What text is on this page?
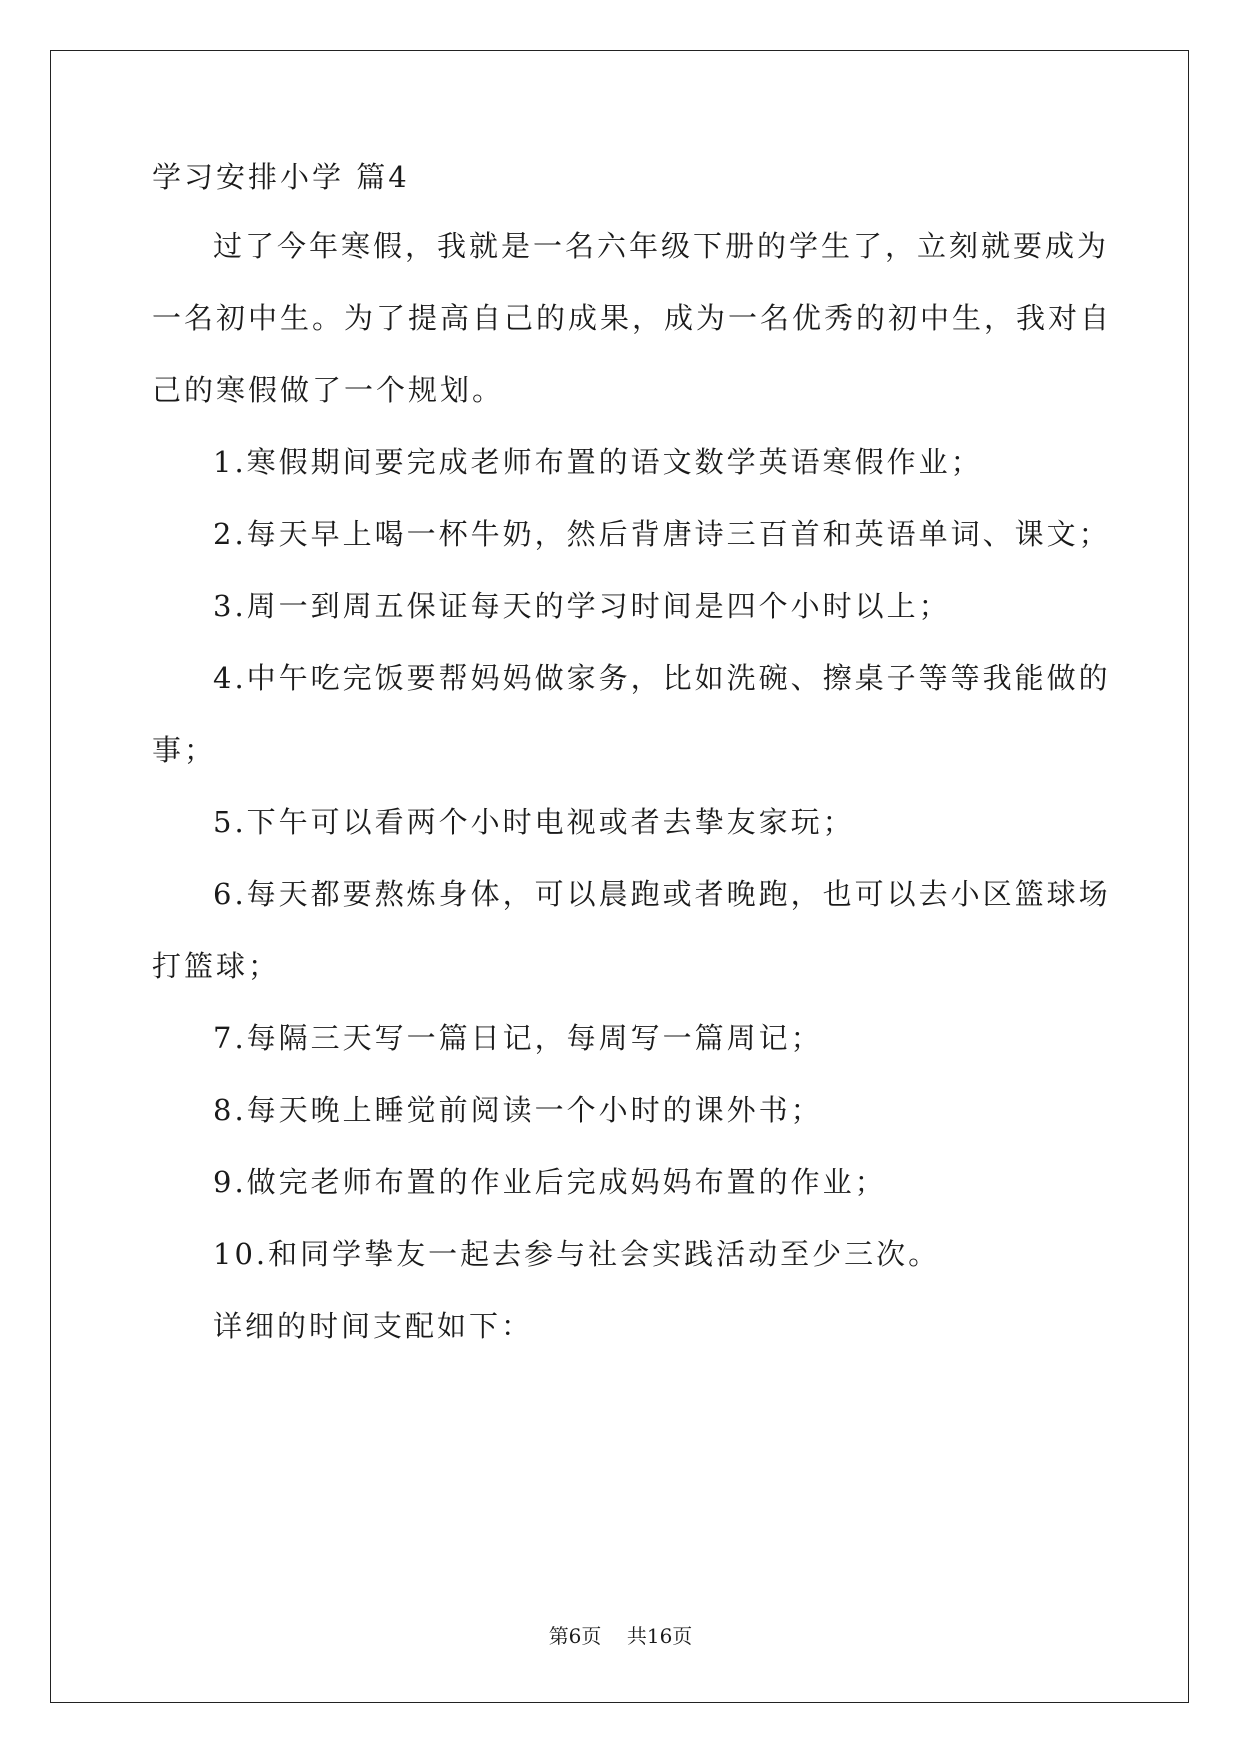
学习安排小学 篇4
过了今年寒假，我就是一名六年级下册的学生了，立刻就要成为
一名初中生。为了提高自己的成果，成为一名优秀的初中生，我对自
己的寒假做了一个规划。
1.寒假期间要完成老师布置的语文数学英语寒假作业；
2.每天早上喝一杯牛奶，然后背唐诗三百首和英语单词、课文；
3.周一到周五保证每天的学习时间是四个小时以上；
4.中午吃完饭要帮妈妈做家务，比如洗碗、擦桌子等等我能做的
事；
5.下午可以看两个小时电视或者去挚友家玩；
6.每天都要熬炼身体，可以晨跑或者晚跑，也可以去小区篮球场
打篮球；
7.每隔三天写一篇日记，每周写一篇周记；
8.每天晚上睡觉前阅读一个小时的课外书；
9.做完老师布置的作业后完成妈妈布置的作业；
10.和同学挚友一起去参与社会实践活动至少三次。
详细的时间支配如下：
第6页    共16页
